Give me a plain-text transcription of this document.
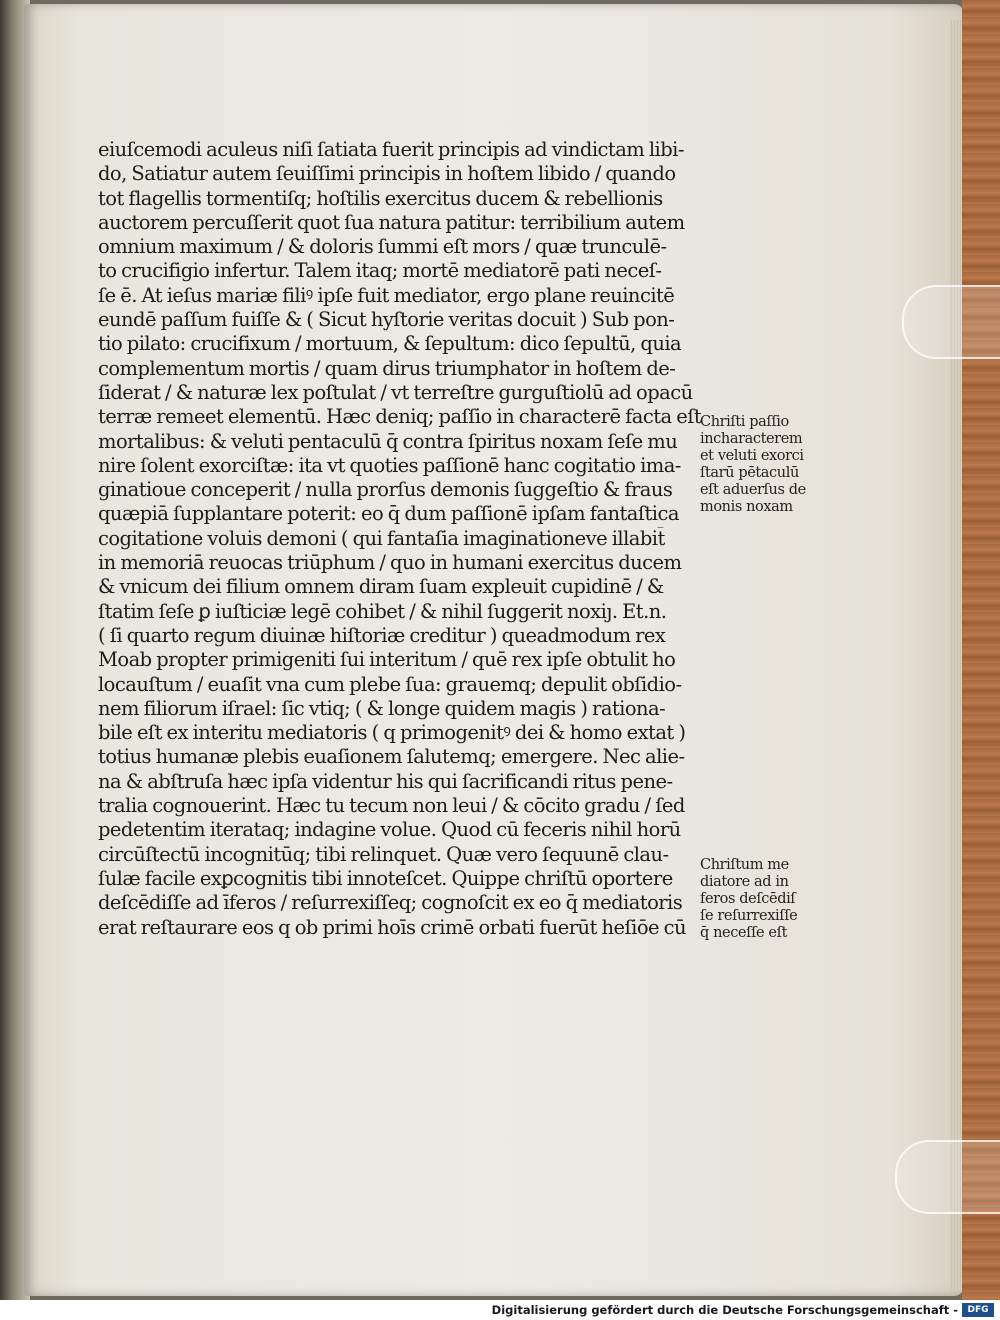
eiuſcemodi aculeus niſi ſatiata fuerit principis ad vindictam libi-
do, Satiatur autem ſeuiſſimi principis in hoſtem libido / quando
tot flagellis tormentiſq; hoſtilis exercitus ducem & rebellionis
auctorem percuſſerit quot ſua natura patitur: terribilium autem
omnium maximum / & doloris ſummi eſt mors / quæ trunculē-
to crucifigio infertur. Talem itaq; mortē mediatorē pati neceſ-
ſe ē. At ieſus mariæ filiꝰ ipſe fuit mediator, ergo plane reuincitē
eundē paſſum fuiſſe & ( Sicut hyſtorie veritas docuit ) Sub pon-
tio pilato: crucifixum / mortuum, & ſepultum: dico ſepultū, quia
complementum mortis / quam dirus triumphator in hoſtem de-
ſiderat / & naturæ lex poſtulat / vt terreſtre gurguſtiolū ad opacū
terræ remeet elementū. Hæc deniq; paſſio in characterē facta eſt
mortalibus: & veluti pentaculū q̄ contra ſpiritus noxam ſeſe mu
nire ſolent exorciſtæ: ita vt quoties paſſionē hanc cogitatio ima-
ginatioue conceperit / nulla prorſus demonis ſuggeſtio & fraus
quæpiā ſupplantare poterit: eo q̄ dum paſſionē ipſam fantaſtica
cogitatione voluis demoni ( qui fantaſia imaginationeve illabit̄
in memoriā reuocas triūphum / quo in humani exercitus ducem
& vnicum dei filium omnem diram ſuam expleuit cupidinē / &
ſtatim ſeſe ꝑ iuſticiæ legē cohibet / & nihil ſuggerit noxiȷ. Et.n.
( ſi quarto regum diuinæ hiſtoriæ creditur ) queadmodum rex
Moab propter primigeniti ſui interitum / quē rex ipſe obtulit ho
locauſtum / euaſit vna cum plebe ſua: grauemq; depulit obſidio-
nem filiorum iſrael: ſic vtiq; ( & longe quidem magis ) rationa-
bile eſt ex interitu mediatoris ( q primogenitꝰ dei & homo extat )
totius humanæ plebis euaſionem ſalutemq; emergere. Nec alie-
na & abſtruſa hæc ipſa videntur his qui ſacrificandi ritus pene-
tralia cognouerint. Hæc tu tecum non leui / & cōcito gradu / ſed
pedetentim iterataq; indagine volue. Quod cū feceris nihil horū
circūſtectū incognitūq; tibi relinquet. Quæ vero ſequunē clau-
ſulæ facile exꝑcognitis tibi innoteſcet. Quippe chriſtū oportere
deſcēdiſſe ad īferos / reſurrexiſſeq; cognoſcit ex eo q̄ mediatoris
erat reſtaurare eos q ob primi hoīs crimē orbati fuerūt heſiōe cū
Chriſti paſſio
incharacterem
et veluti exorci
ſtarū pētaculū
eſt aduerſus de
monis noxam
Chriſtum me
diatore ad in
feros deſcēdiſ
ſe reſurrexiſſe
q̄ neceſſe eſt
Digitalisierung gefördert durch die Deutsche Forschungsgemeinschaft -	DFG
